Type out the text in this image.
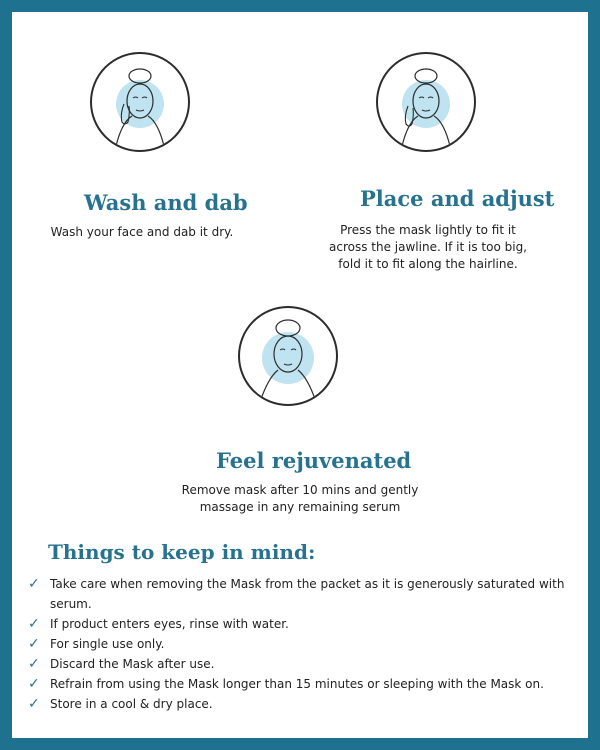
Wash and dab
Wash your face and dab it dry.
Place and adjust
Press the mask lightly to fit it across the jawline. If it is too big, fold it to fit along the hairline.
Feel rejuvenated
Remove mask after 10 mins and gently massage in any remaining serum
Things to keep in mind:
✓ Take care when removing the Mask from the packet as it is generously saturated with serum.
✓ If product enters eyes, rinse with water.
✓ For single use only.
✓ Discard the Mask after use.
✓ Refrain from using the Mask longer than 15 minutes or sleeping with the Mask on.
✓ Store in a cool & dry place.
